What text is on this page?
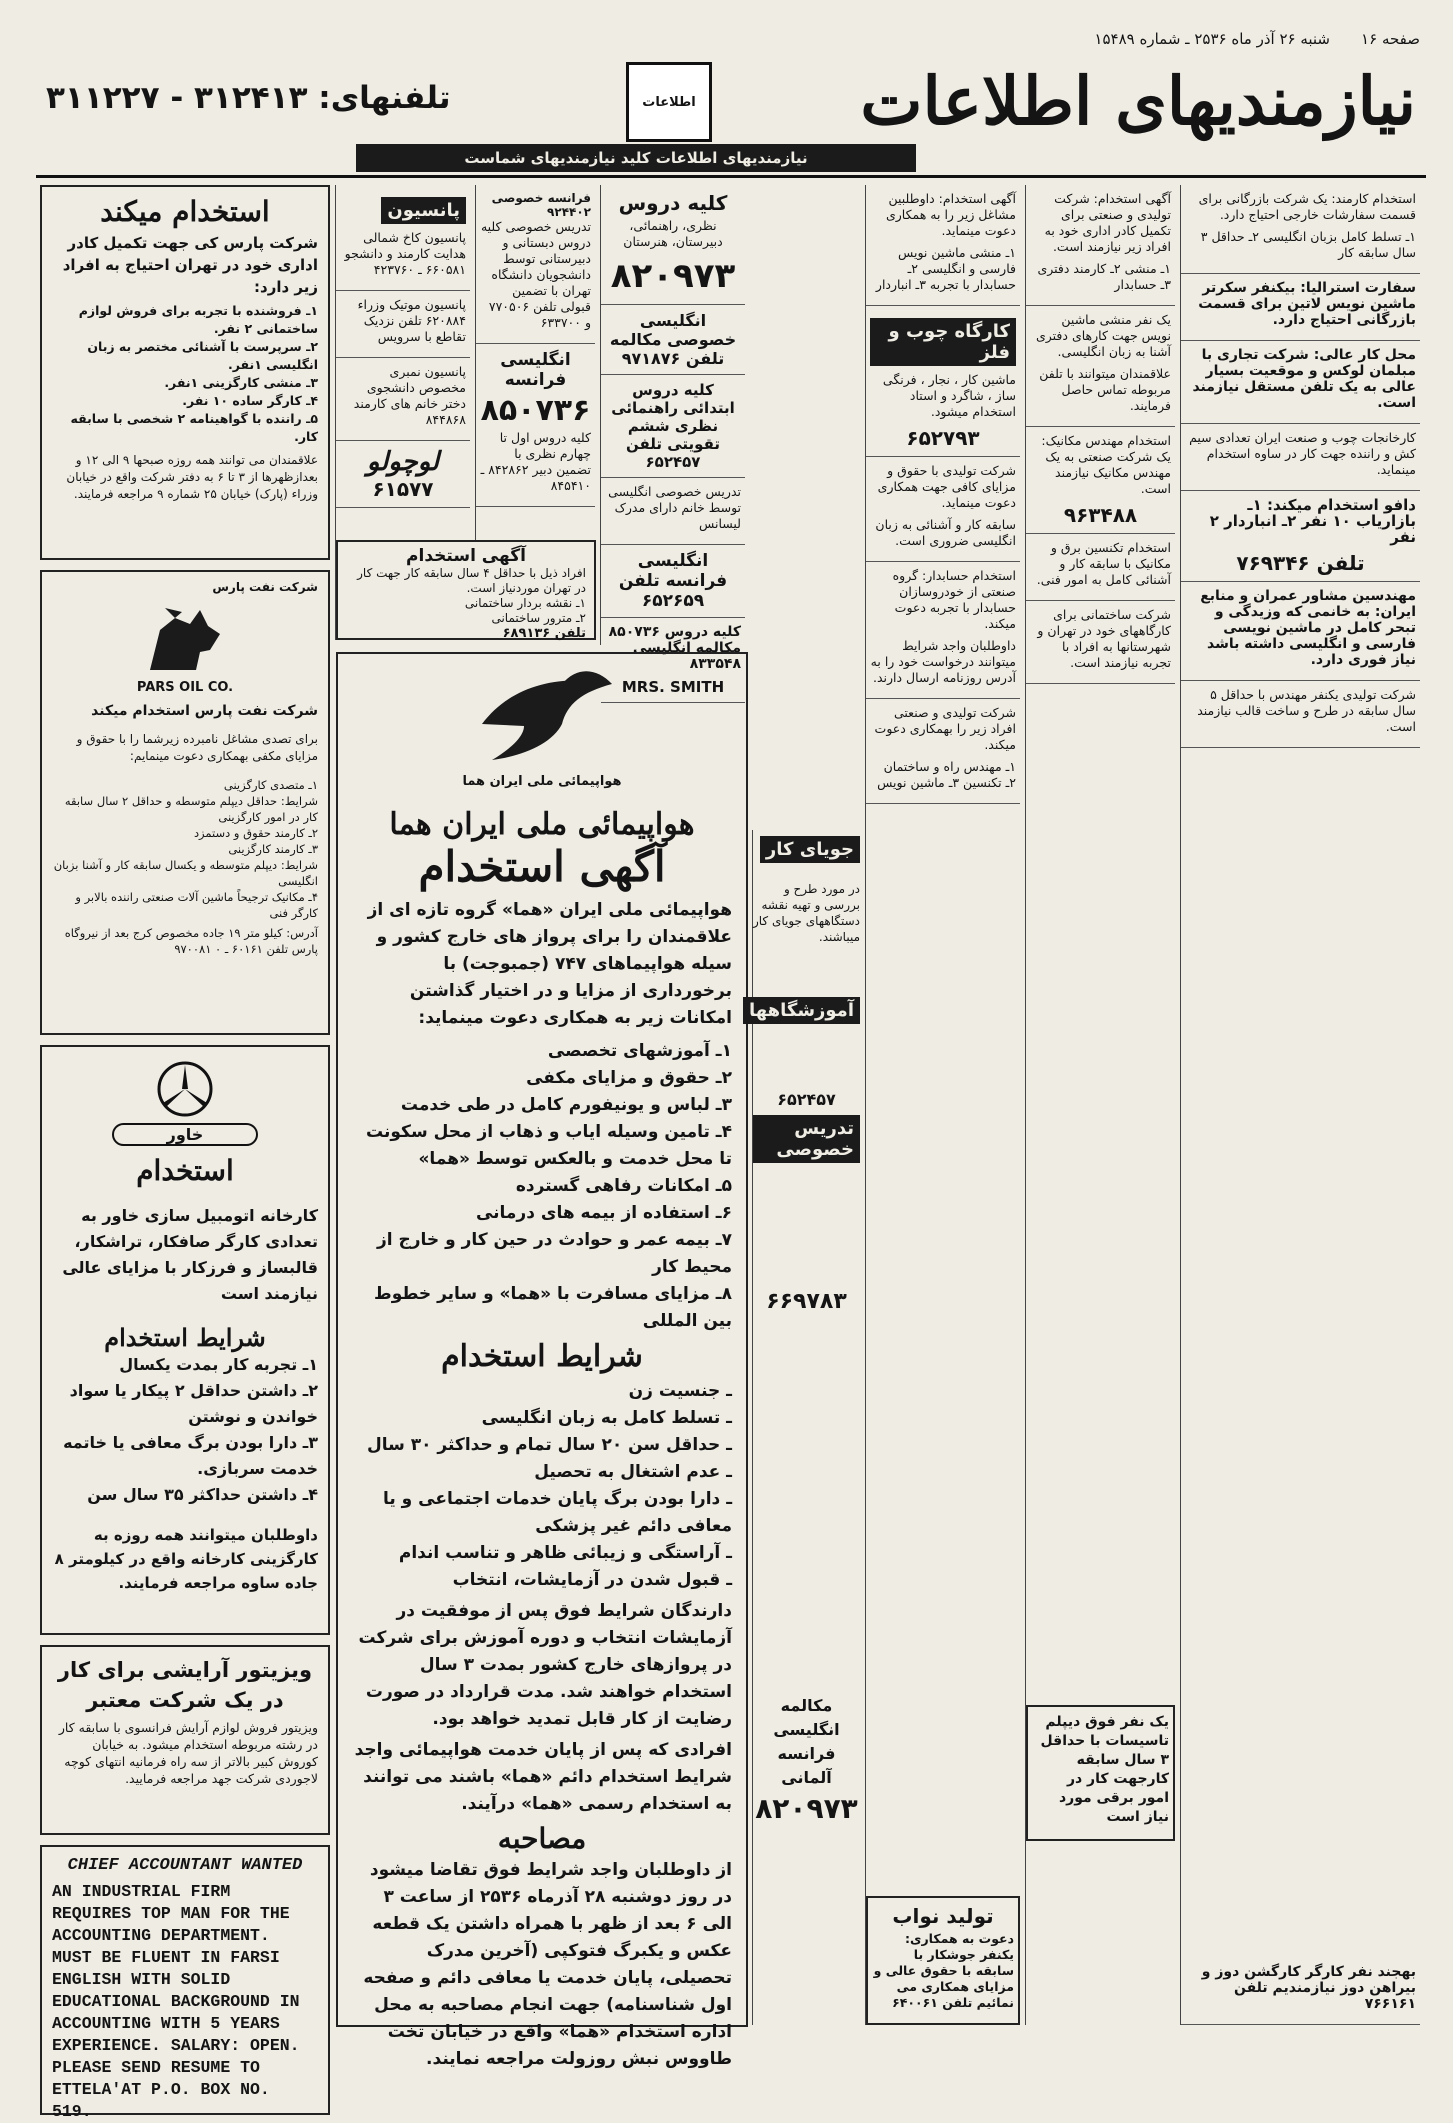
صفحه ۱۶
شنبه ۲۶ آذر ماه ۲۵۳۶ ـ شماره ۱۵۴۸۹
نیازمندیهای اطلاعات
اطلاعات
تلفنهای: ۳۱۲۴۱۳ - ۳۱۱۲۲۷
نیازمندیهای اطلاعات کلید نیازمندیهای شماست
استخدام میکند

شرکت پارس کی جهت تکمیل کادر اداری خود در تهران احتیاج به افراد زیر دارد:

۱ـ فروشنده با تجربه برای فروش لوازم ساختمانی ۲ نفر.
۲ـ سرپرست با آشنائی مختصر به زبان انگلیسی ۱نفر.
۳ـ منشی کارگزینی ۱نفر.
۴ـ کارگر ساده ۱۰ نفر.
۵ـ راننده با گواهینامه ۲ شخصی با سابقه کار.

علاقمندان می توانند همه روزه صبحها ۹ الی ۱۲ و بعدازظهرها از ۳ تا ۶ به دفتر شرکت واقع در خیابان وزراء (پارک) خیابان ۲۵ شماره ۹ مراجعه فرمایند.

شرکت نفت پارس
PARS OIL CO.
شرکت نفت پارس استخدام میکند

برای تصدی مشاغل نامبرده زیرشما را با حقوق و مزایای مکفی بهمکاری دعوت مینمایم:

۱ـ متصدی کارگزینی
شرایط: حداقل دیپلم متوسطه و حداقل ۲ سال سابقه کار در امور کارگزینی
۲ـ کارمند حقوق و دستمزد
۳ـ کارمند کارگزینی
شرایط: دیپلم متوسطه و یکسال سابقه کار و آشنا بزبان انگلیسی
۴ـ مکانیک ترجیحاً ماشین آلات صنعتی راننده بالابر و کارگر فنی

آدرس: کیلو متر ۱۹ جاده مخصوص کرج بعد از نیروگاه پارس تلفن ۶۰۱۶۱ ـ ۰ ۹۷۰۰۸۱

خاور
استخدام

کارخانه اتومبیل سازی خاور به تعدادی کارگر صافکار، تراشکار، قالبساز و فرزکار با مزایای عالی نیازمند است

شرایط استخدام
۱ـ تجربه کار بمدت یکسال
۲ـ داشتن حداقل ۲ پیکار یا سواد خواندن و نوشتن
۳ـ دارا بودن برگ معافی یا خاتمه خدمت سربازی.
۴ـ داشتن حداکثر ۳۵ سال سن

داوطلبان میتوانند همه روزه به کارگزینی کارخانه واقع در کیلومتر ۸ جاده ساوه مراجعه فرمایند.

ویزیتور آرایشی برای کار در یک شرکت معتبر

ویزیتور فروش لوازم آرایش فرانسوی با سابقه کار در رشته مربوطه استخدام میشود. به خیابان کوروش کبیر بالاتر از سه راه فرمانیه انتهای کوچه لاجوردی شرکت جهد مراجعه فرمایید.

CHIEF ACCOUNTANT WANTED
AN INDUSTRIAL FIRM REQUIRES TOP MAN FOR THE ACCOUNTING DEPARTMENT. MUST BE FLUENT IN FARSI ENGLISH WITH SOLID EDUCATIONAL BACKGROUND IN ACCOUNTING WITH 5 YEARS EXPERIENCE. SALARY: OPEN. PLEASE SEND RESUME TO ETTELA'AT P.O. BOX NO. 519.
پانسیون

پانسیون کاخ شمالی هدایت کارمند و دانشجو ۶۶۰۵۸۱ ـ ۴۲۳۷۶۰

پانسیون موتیک وزراء ۶۲۰۸۸۴ تلفن نزدیک تقاطع با سرویس

پانسیون نمبری مخصوص دانشجوی دختر خانم های کارمند ۸۴۴۸۶۸

لوچولو
۶۱۵۷۷
فرانسه خصوصی ۹۲۴۴۰۲

تدریس خصوصی کلیه دروس دبستانی و دبیرستانی توسط دانشجویان دانشگاه تهران با تضمین قبولی تلفن ۷۷۰۵۰۶ و ۶۳۳۷۰۰

انگلیسی فرانسه
۸۵۰۷۳۶

کلیه دروس اول تا چهارم نظری با تضمین دبیر ۸۴۲۸۶۲ ـ ۸۴۵۴۱۰

آگهی استخدام

افراد ذیل با حداقل ۴ سال سابقه کار جهت کار در تهران موردنیاز است.

۱ـ نقشه بردار ساختمانی
۲ـ مترور ساختمانی
تلفن ۶۸۹۱۳۶
کلیه دروس

نظری، راهنمائی، دبیرستان، هنرستان

۸۲۰۹۷۳
انگلیسی خصوصی مکالمه تلفن ۹۷۱۸۷۶
کلیه دروس ابتدائی راهنمائی نظری ششم تقویتی تلفن ۶۵۲۴۵۷

تدریس خصوصی انگلیسی توسط خانم دارای مدرک لیسانس

انگلیسی فرانسه تلفن ۶۵۲۶۵۹

کلیه دروس ۸۵۰۷۳۶ مکالمه انگلیسی ۸۳۳۵۴۸

MRS. SMITH
هواپیمائی ملی ایران هما
هواپیمائی ملی ایران هما
آگهی استخدام

هواپیمائی ملی ایران «هما» گروه تازه ای از علاقمندان را برای پرواز های خارج کشور و سیله هواپیماهای ۷۴۷ (جمبوجت) با برخورداری از مزایا و در اختیار گذاشتن امکانات زیر به همکاری دعوت مینماید:

۱ـ آموزشهای تخصصی
۲ـ حقوق و مزایای مکفی
۳ـ لباس و یونیفورم کامل در طی خدمت
۴ـ تامین وسیله ایاب و ذهاب از محل سکونت تا محل خدمت و بالعکس توسط «هما»
۵ـ امکانات رفاهی گسترده
۶ـ استفاده از بیمه های درمانی
۷ـ بیمه عمر و حوادث در حین کار و خارج از محیط کار
۸ـ مزایای مسافرت با «هما» و سایر خطوط بین المللی
شرایط استخدام
ـ جنسیت زن
ـ تسلط کامل به زبان انگلیسی
ـ حداقل سن ۲۰ سال تمام و حداکثر ۳۰ سال
ـ عدم اشتغال به تحصیل
ـ دارا بودن برگ پایان خدمات اجتماعی و یا معافی دائم غیر پزشکی
ـ آراستگی و زیبائی ظاهر و تناسب اندام
ـ قبول شدن در آزمایشات، انتخاب

دارندگان شرایط فوق پس از موفقیت در آزمایشات انتخاب و دوره آموزش برای شرکت در پروازهای خارج کشور بمدت ۳ سال استخدام خواهند شد. مدت قرارداد در صورت رضایت از کار قابل تمدید خواهد بود.

افرادی که پس از پایان خدمت هواپیمائی واجد شرایط استخدام دائم «هما» باشند می توانند به استخدام رسمی «هما» درآیند.

مصاحبه

از داوطلبان واجد شرایط فوق تقاضا میشود در روز دوشنبه ۲۸ آذرماه ۲۵۳۶ از ساعت ۳ الی ۶ بعد از ظهر با همراه داشتن یک قطعه عکس و یکبرگ فتوکپی (آخرین مدرک تحصیلی، پایان خدمت یا معافی دائم و صفحه اول شناسنامه) جهت انجام مصاحبه به محل اداره استخدام «هما» واقع در خیابان تخت طاووس نبش روزولت مراجعه نمایند.

جویای کار

در مورد طرح و بررسی و تهیه نقشه دستگاههای جویای کار میباشند.

آموزشگاهها
۶۵۲۴۵۷
تدریس خصوصی
۶۶۹۷۸۳
مکالمه انگلیسی فرانسه آلمانی
۸۲۰۹۷۳

آگهی استخدام: داوطلبین مشاغل زیر را به همکاری دعوت مینماید.

۱ـ منشی ماشین نویس فارسی و انگلیسی ۲ـ حسابدار با تجربه ۳ـ انباردار

کارگاه چوب و فلز

ماشین کار ، نجار ، فرنگی ساز ، شاگرد و استاد استخدام میشود.

۶۵۲۷۹۳

شرکت تولیدی با حقوق و مزایای کافی جهت همکاری دعوت مینماید.

سابقه کار و آشنائی به زبان انگلیسی ضروری است.

استخدام حسابدار: گروه صنعتی از خودروسازان حسابدار با تجربه دعوت میکند.

داوطلبان واجد شرایط میتوانند درخواست خود را به آدرس روزنامه ارسال دارند.

شرکت تولیدی و صنعتی افراد زیر را بهمکاری دعوت میکند.

۱ـ مهندس راه و ساختمان ۲ـ تکنسین ۳ـ ماشین نویس

تولید نواب

دعوت به همکاری: یکنفر جوشکار با سابقه با حقوق عالی و مزایای همکاری می نمائیم تلفن ۶۴۰۰۶۱

آگهی استخدام: شرکت تولیدی و صنعتی برای تکمیل کادر اداری خود به افراد زیر نیازمند است.

۱ـ منشی ۲ـ کارمند دفتری ۳ـ حسابدار

یک نفر منشی ماشین نویس جهت کارهای دفتری آشنا به زبان انگلیسی.

علاقمندان میتوانند با تلفن مربوطه تماس حاصل فرمایند.

استخدام مهندس مکانیک: یک شرکت صنعتی به یک مهندس مکانیک نیازمند است.

۹۶۳۴۸۸

استخدام تکنسین برق و مکانیک با سابقه کار و آشنائی کامل به امور فنی.

شرکت ساختمانی برای کارگاههای خود در تهران و شهرستانها به افراد با تجربه نیازمند است.

یک نفر فوق دیپلم تاسیسات با حداقل ۳ سال سابقه کارجهت کار در امور برقی مورد نیاز است

استخدام کارمند: یک شرکت بازرگانی برای قسمت سفارشات خارجی احتیاج دارد.

۱ـ تسلط کامل بزبان انگلیسی ۲ـ حداقل ۳ سال سابقه کار

سفارت استرالیا: بیکنفر سکرتر ماشین نویس لاتین برای قسمت بازرگانی احتیاج دارد.

محل کار عالی: شرکت تجاری با مبلمان لوکس و موقعیت بسیار عالی به یک تلفن مستقل نیازمند است.

کارخانجات چوب و صنعت ایران تعدادی سیم کش و راننده جهت کار در ساوه استخدام مینماید.

دافو استخدام میکند: ۱ـ بازاریاب ۱۰ نفر ۲ـ انباردار ۲ نفر

تلفن ۷۶۹۳۴۶

مهندسین مشاور عمران و منابع ایران: به خانمی که وزیدگی و تبحر کامل در ماشین نویسی فارسی و انگلیسی داشته باشد نیاز فوری دارد.

شرکت تولیدی یکنفر مهندس با حداقل ۵ سال سابقه در طرح و ساخت قالب نیازمند است.

بهجند نفر کارگر کارگشن دوز و بیراهن دوز نیازمندیم تلفن ۷۶۶۱۶۱
